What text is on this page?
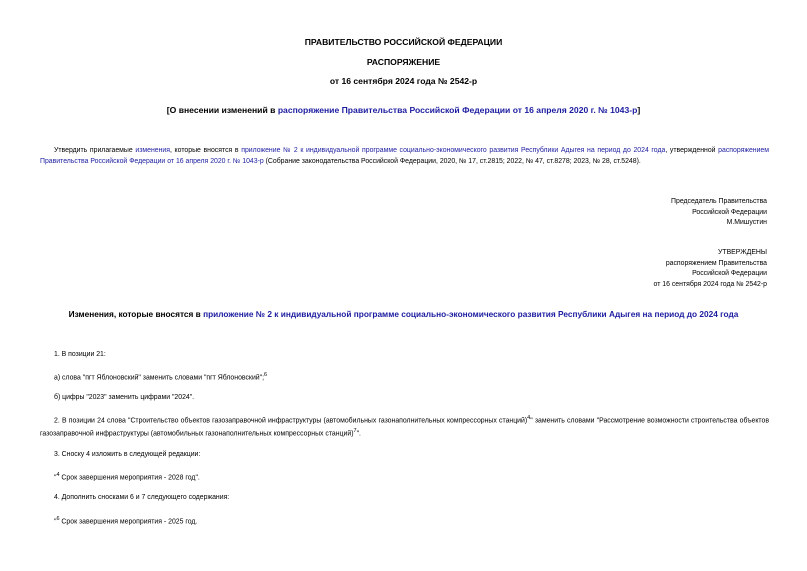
ПРАВИТЕЛЬСТВО РОССИЙСКОЙ ФЕДЕРАЦИИ
РАСПОРЯЖЕНИЕ
от 16 сентября 2024 года № 2542-р
[О внесении изменений в распоряжение Правительства Российской Федерации от 16 апреля 2020 г. № 1043-р]
Утвердить прилагаемые изменения, которые вносятся в приложение № 2 к индивидуальной программе социально-экономического развития Республики Адыгея на период до 2024 года, утвержденной распоряжением Правительства Российской Федерации от 16 апреля 2020 г. № 1043-р (Собрание законодательства Российской Федерации, 2020, № 17, ст.2815; 2022, № 47, ст.8278; 2023, № 28, ст.5248).
Председатель Правительства
Российской Федерации
М.Мишустин
УТВЕРЖДЕНЫ
распоряжением Правительства
Российской Федерации
от 16 сентября 2024 года № 2542-р
Изменения, которые вносятся в приложение № 2 к индивидуальной программе социально-экономического развития Республики Адыгея на период до 2024 года
1. В позиции 21:
а) слова "пгт Яблоновский" заменить словами "пгт Яблоновский";$^6$
б) цифры "2023" заменить цифрами "2024".
2. В позиции 24 слова "Строительство объектов газозаправочной инфраструктуры (автомобильных газонаполнительных компрессорных станций)$^4$" заменить словами "Рассмотрение возможности строительства объектов газозаправочной инфраструктуры (автомобильных газонаполнительных компрессорных станций)$^7$".
3. Сноску 4 изложить в следующей редакции:
"$^4$ Срок завершения мероприятия - 2028 год".
4. Дополнить сносками 6 и 7 следующего содержания:
"$^6$ Срок завершения мероприятия - 2025 год.
